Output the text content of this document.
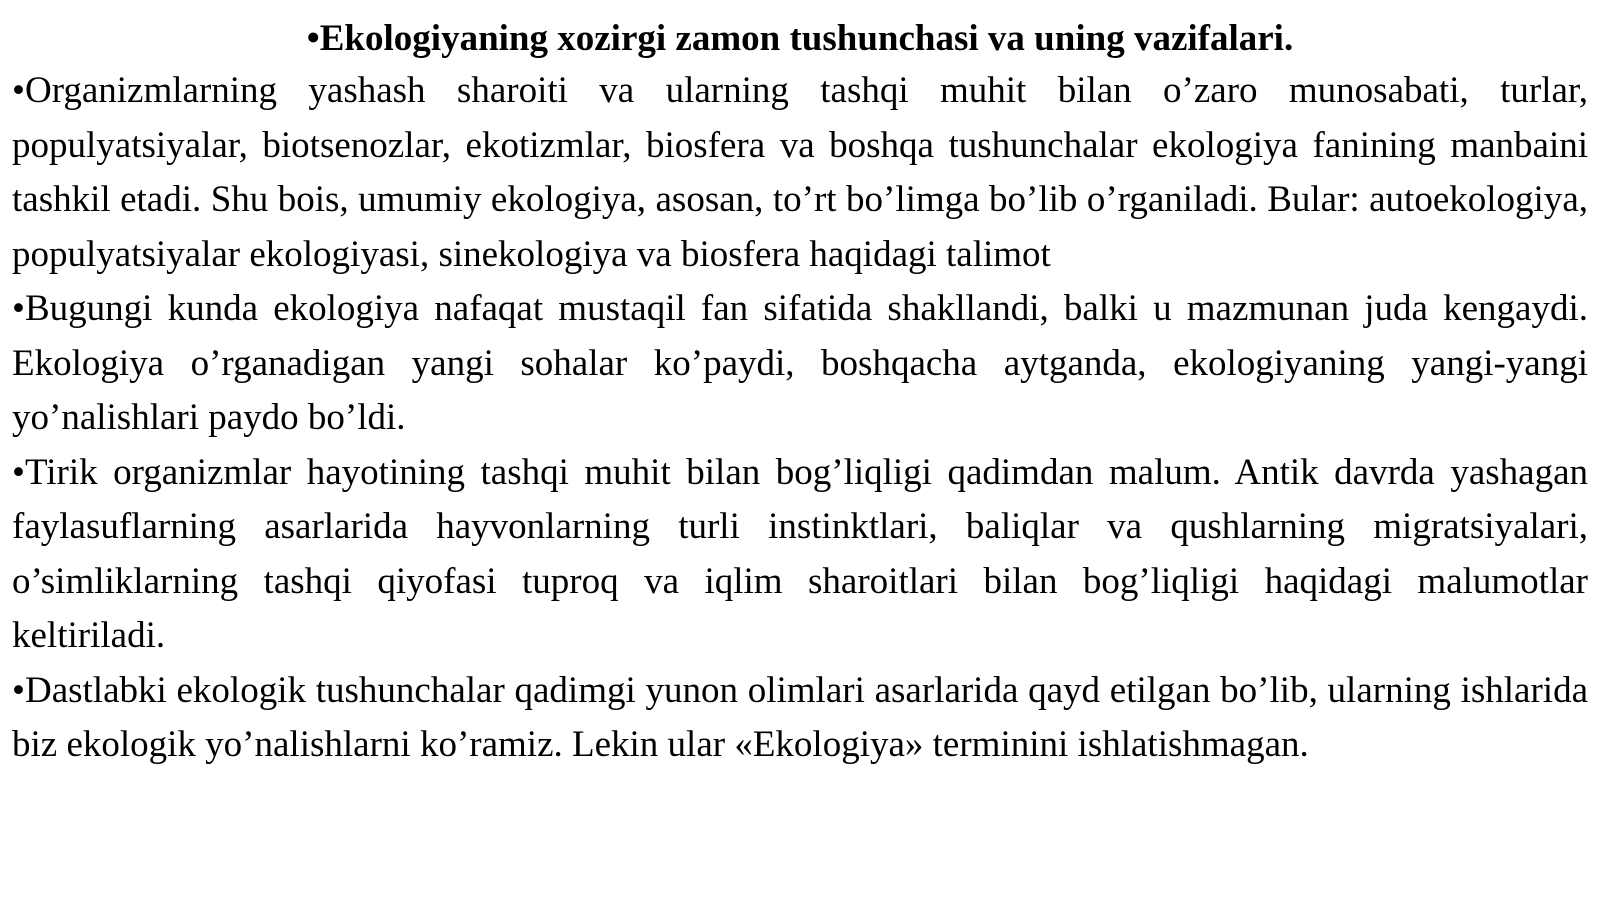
•Ekologiyaning xozirgi zamon tushunchasi va uning vazifalari.

•Organizmlarning yashash sharoiti va ularning tashqi muhit bilan o’zaro munosabati, turlar, populyatsiyalar, biotsenozlar, ekotizmlar, biosfera va boshqa tushunchalar ekologiya fanining manbaini tashkil etadi. Shu bois, umumiy ekologiya, asosan, to’rt bo’limga bo’lib o’rganiladi. Bular: autoekologiya, populyatsiyalar ekologiyasi, sinekologiya va biosfera haqidagi talimot

•Bugungi kunda ekologiya nafaqat mustaqil fan sifatida shakllandi, balki u mazmunan juda kengaydi. Ekologiya o’rganadigan yangi sohalar ko’paydi, boshqacha aytganda, ekologiyaning yangi-yangi yo’nalishlari paydo bo’ldi.

•Tirik organizmlar hayotining tashqi muhit bilan bog’liqligi qadimdan malum. Antik davrda yashagan faylasuflarning asarlarida hayvonlarning turli instinktlari, baliqlar va qushlarning migratsiyalari, o’simliklarning tashqi qiyofasi tuproq va iqlim sharoitlari bilan bog’liqligi haqidagi malumotlar keltiriladi.

•Dastlabki ekologik tushunchalar qadimgi yunon olimlari asarlarida qayd etilgan bo’lib, ularning ishlarida biz ekologik yo’nalishlarni ko’ramiz. Lekin ular «Ekologiya» terminini ishlatishmagan.
